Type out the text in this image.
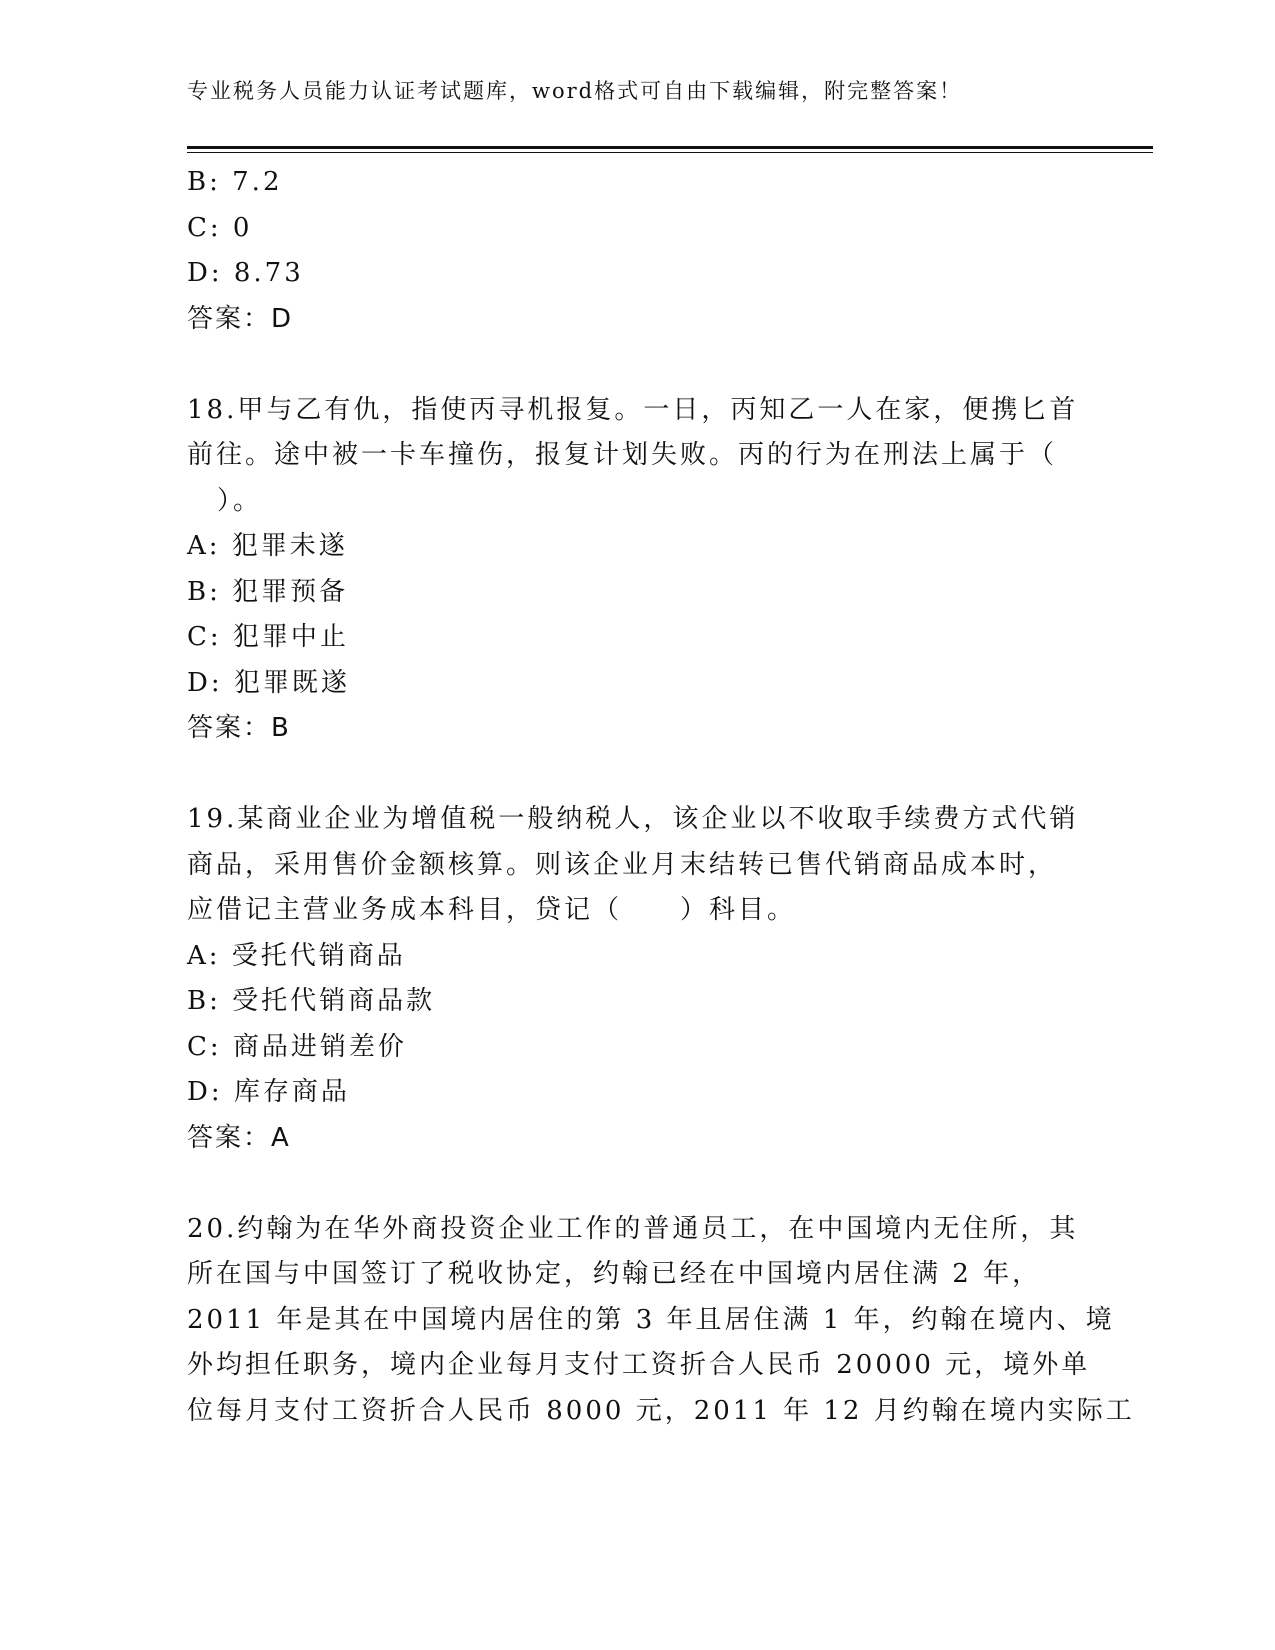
专业税务人员能力认证考试题库，word格式可自由下载编辑，附完整答案！
B: 7.2
C: 0
D: 8.73
答案：D
18.甲与乙有仇，指使丙寻机报复。一日，丙知乙一人在家，便携匕首
前往。途中被一卡车撞伤，报复计划失败。丙的行为在刑法上属于（
）。
A: 犯罪未遂
B: 犯罪预备
C: 犯罪中止
D: 犯罪既遂
答案：B
19.某商业企业为增值税一般纳税人，该企业以不收取手续费方式代销
商品，采用售价金额核算。则该企业月末结转已售代销商品成本时，
应借记主营业务成本科目，贷记（　　）科目。
A: 受托代销商品
B: 受托代销商品款
C: 商品进销差价
D: 库存商品
答案：A
20.约翰为在华外商投资企业工作的普通员工，在中国境内无住所，其
所在国与中国签订了税收协定，约翰已经在中国境内居住满 2 年，
2011 年是其在中国境内居住的第 3 年且居住满 1 年，约翰在境内、境
外均担任职务，境内企业每月支付工资折合人民币 20000 元，境外单
位每月支付工资折合人民币 8000 元，2011 年 12 月约翰在境内实际工
